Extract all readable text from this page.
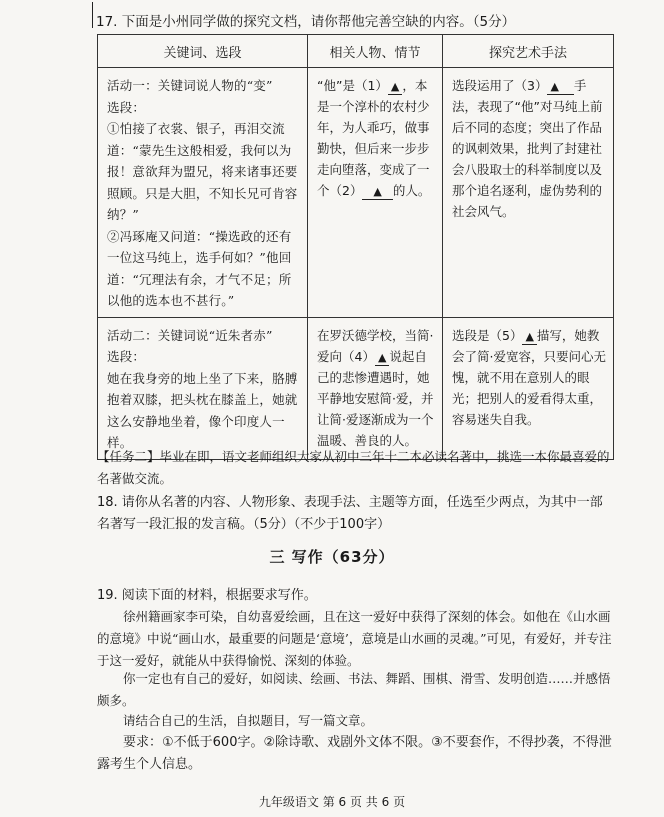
17. 下面是小州同学做的探究文档，请你帮他完善空缺的内容。（5分）
关键词、选段	相关人物、情节	探究艺术手法

活动一：关键词说人物的“变”
选段：
①怕接了衣裳、银子，再泪交流道：“蒙先生这般相爱，我何以为报！意欲拜为盟兄，将来诸事还要照顾。只是大胆，不知长兄可肯容纳？”
②冯琢庵又问道：“操选政的还有一位这马纯上，选手何如？”他回道：“冗理法有余，才气不足；所以他的选本也不甚行。”	“他”是（1） ▲ ，本是一个淳朴的农村少年，为人乖巧，做事勤快，但后来一步步走向堕落，变成了一个（2） ▲ 的人。	选段运用了（3） ▲ 手法，表现了“他”对马纯上前后不同的态度；突出了作品的讽刺效果，批判了封建社会八股取士的科举制度以及那个追名逐利，虚伪势利的社会风气。

活动二：关键词说“近朱者赤”
选段：
她在我身旁的地上坐了下来，胳膊抱着双膝，把头枕在膝盖上，她就这么安静地坐着，像个印度人一样。	在罗沃德学校，当简·爱向（4） ▲ 说起自己的悲惨遭遇时，她平静地安慰简·爱，并让简·爱逐渐成为一个温暖、善良的人。	选段是（5） ▲ 描写，她教会了简·爱宽容，只要问心无愧，就不用在意别人的眼光；把别人的爱看得太重，容易迷失自我。
【任务二】毕业在即，语文老师组织大家从初中三年十二本必读名著中，挑选一本你最喜爱的名著做交流。
18. 请你从名著的内容、人物形象、表现手法、主题等方面，任选至少两点，为其中一部名著写一段汇报的发言稿。（5分）（不少于100字）
三 写作（63分）
19. 阅读下面的材料，根据要求写作。
徐州籍画家李可染，自幼喜爱绘画，且在这一爱好中获得了深刻的体会。如他在《山水画的意境》中说“画山水，最重要的问题是‘意境’，意境是山水画的灵魂。”可见，有爱好，并专注于这一爱好，就能从中获得愉悦、深刻的体验。
你一定也有自己的爱好，如阅读、绘画、书法、舞蹈、围棋、滑雪、发明创造……并感悟颇多。
请结合自己的生活，自拟题目，写一篇文章。
要求：①不低于600字。②除诗歌、戏剧外文体不限。③不要套作，不得抄袭，不得泄露考生个人信息。
九年级语文 第 6 页 共 6 页
